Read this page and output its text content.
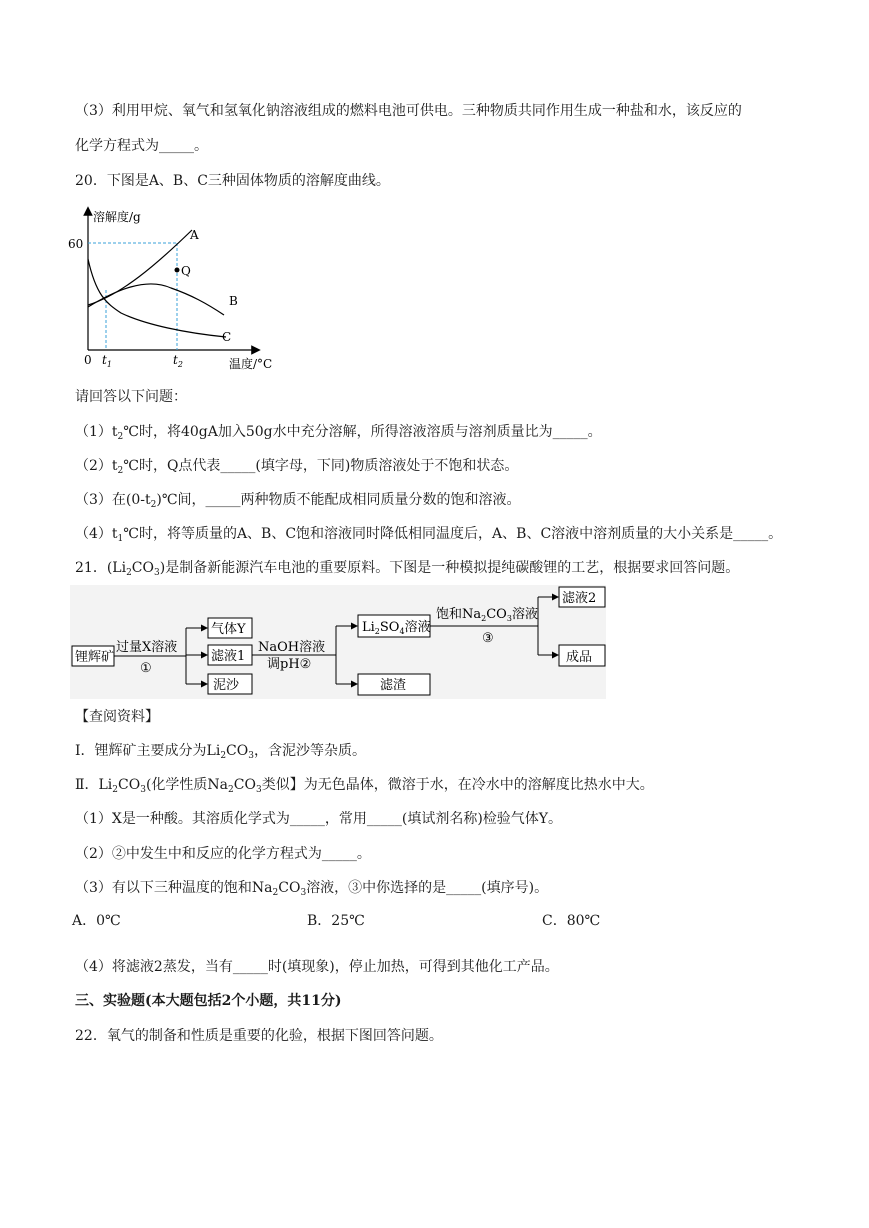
（3）利用甲烷、氧气和氢氧化钠溶液组成的燃料电池可供电。三种物质共同作用生成一种盐和水，该反应的
化学方程式为_____。
20．下图是A、B、C三种固体物质的溶解度曲线。
溶解度/g
60
0 $t_1$	$t_2$	温度/°C
A
Q
B
C
请回答以下问题：
$(1)t_2℃$时，将40gA加入50g水中充分溶解，所得溶液溶质与溶剂质量比为_____。
$(2)t_2℃$时，Q点代表_____(填字母，下同)物质溶液处于不饱和状态。
（3）在$(0-t_2)℃$间，_____两种物质不能配成相同质量分数的饱和溶液。
$(4)t_1℃$时，将等质量的A、B、C饱和溶液同时降低相同温度后，A、B、C溶液中溶剂质量的大小关系是_____。
21．$(Li_2CO_3)$是制备新能源汽车电池的重要原料。下图是一种模拟提纯碳酸锂的工艺，根据要求回答问题。
锂辉矿
过量X溶液
①
气体Y
滤液1
泥沙
NaOH溶液
调pH②
$Li_2SO_4$溶液
滤渣
饱和$Na_2CO_3$溶液
③
滤液2
成品
【查阅资料】
I．锂辉矿主要成分为$Li_2CO_3$，含泥沙等杂质。
Ⅱ．$Li_2CO_3$(化学性质$Na_2CO_3$类似】为无色晶体，微溶于水，在冷水中的溶解度比热水中大。
（1）X是一种酸。其溶质化学式为_____，常用_____(填试剂名称)检验气体Y。
（2）②中发生中和反应的化学方程式为_____。
（3）有以下三种温度的饱和$Na_2CO_3$溶液，③中你选择的是_____(填序号)。
A．0℃	B．25℃	C．80℃
（4）将滤液2蒸发，当有_____时(填现象)，停止加热，可得到其他化工产品。
三、实验题(本大题包括2个小题，共11分)
22．氧气的制备和性质是重要的化验，根据下图回答问题。
